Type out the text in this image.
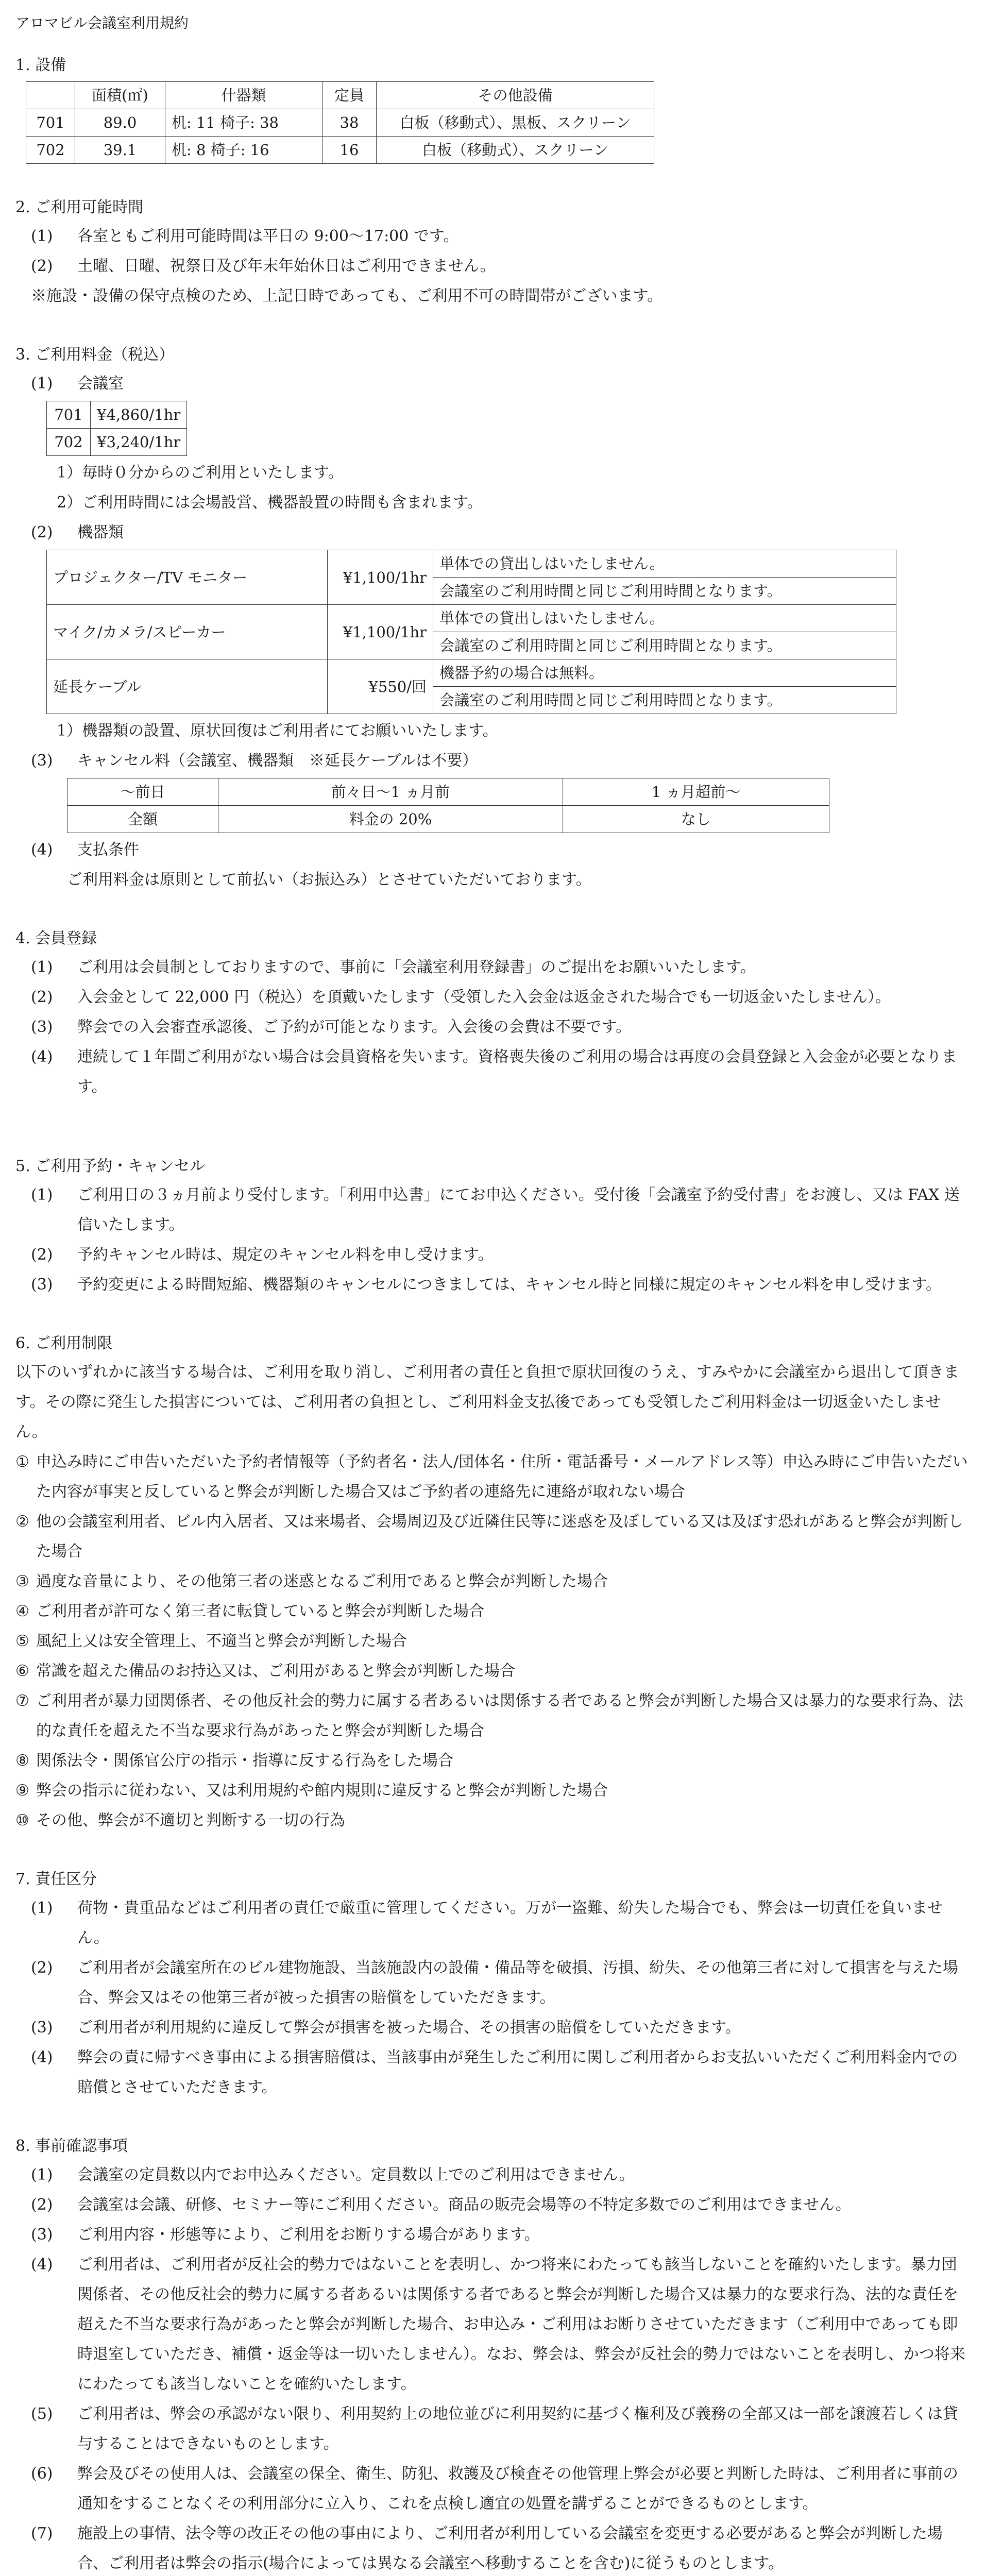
アロマビル会議室利用規約
1. 設備
	面積(㎡)	什器類	定員	その他設備
701	89.0	机: 11 椅子: 38	38	白板（移動式）、黒板、スクリーン
702	39.1	机: 8 椅子: 16	16	白板（移動式）、スクリーン
2. ご利用可能時間
(1)	各室ともご利用可能時間は平日の 9:00〜17:00 です。
(2)	土曜、日曜、祝祭日及び年末年始休日はご利用できません。
※施設・設備の保守点検のため、上記日時であっても、ご利用不可の時間帯がございます。
3. ご利用料金（税込）
(1)	会議室
701	¥4,860/1hr
702	¥3,240/1hr
1）毎時０分からのご利用といたします。
2）ご利用時間には会場設営、機器設置の時間も含まれます。
(2)	機器類
プロジェクター/TV モニター	¥1,100/1hr	単体での貸出しはいたしません。
会議室のご利用時間と同じご利用時間となります。

マイク/カメラ/スピーカー	¥1,100/1hr	単体での貸出しはいたしません。
会議室のご利用時間と同じご利用時間となります。

延長ケーブル	¥550/回	機器予約の場合は無料。
会議室のご利用時間と同じご利用時間となります。
1）機器類の設置、原状回復はご利用者にてお願いいたします。
(3)	キャンセル料（会議室、機器類　※延長ケーブルは不要）
〜前日	前々日〜1 ヵ月前	1 ヵ月超前〜
全額	料金の 20%	なし
(4)	支払条件
ご利用料金は原則として前払い（お振込み）とさせていただいております。
4. 会員登録
(1)	ご利用は会員制としておりますので、事前に「会議室利用登録書」のご提出をお願いいたします。
(2)	入会金として 22,000 円（税込）を頂戴いたします（受領した入会金は返金された場合でも一切返金いたしません）。
(3)	弊会での入会審査承認後、ご予約が可能となります。入会後の会費は不要です。
(4)	連続して１年間ご利用がない場合は会員資格を失います。資格喪失後のご利用の場合は再度の会員登録と入会金が必要となります。
5. ご利用予約・キャンセル
(1)	ご利用日の３ヵ月前より受付します。「利用申込書」にてお申込ください。受付後「会議室予約受付書」をお渡し、又は FAX 送信いたします。
(2)	予約キャンセル時は、規定のキャンセル料を申し受けます。
(3)	予約変更による時間短縮、機器類のキャンセルにつきましては、キャンセル時と同様に規定のキャンセル料を申し受けます。
6. ご利用制限
以下のいずれかに該当する場合は、ご利用を取り消し、ご利用者の責任と負担で原状回復のうえ、すみやかに会議室から退出して頂きます。その際に発生した損害については、ご利用者の負担とし、ご利用料金支払後であっても受領したご利用料金は一切返金いたしません。
① 申込み時にご申告いただいた予約者情報等（予約者名・法人/団体名・住所・電話番号・メールアドレス等）申込み時にご申告いただいた内容が事実と反していると弊会が判断した場合又はご予約者の連絡先に連絡が取れない場合
② 他の会議室利用者、ビル内入居者、又は来場者、会場周辺及び近隣住民等に迷惑を及ぼしている又は及ぼす恐れがあると弊会が判断した場合
③ 過度な音量により、その他第三者の迷惑となるご利用であると弊会が判断した場合
④ ご利用者が許可なく第三者に転貸していると弊会が判断した場合
⑤ 風紀上又は安全管理上、不適当と弊会が判断した場合
⑥ 常識を超えた備品のお持込又は、ご利用があると弊会が判断した場合
⑦ ご利用者が暴力団関係者、その他反社会的勢力に属する者あるいは関係する者であると弊会が判断した場合又は暴力的な要求行為、法的な責任を超えた不当な要求行為があったと弊会が判断した場合
⑧ 関係法令・関係官公庁の指示・指導に反する行為をした場合
⑨ 弊会の指示に従わない、又は利用規約や館内規則に違反すると弊会が判断した場合
⑩ その他、弊会が不適切と判断する一切の行為
7. 責任区分
(1)	荷物・貴重品などはご利用者の責任で厳重に管理してください。万が一盗難、紛失した場合でも、弊会は一切責任を負いません。
(2)	ご利用者が会議室所在のビル建物施設、当該施設内の設備・備品等を破損、汚損、紛失、その他第三者に対して損害を与えた場合、弊会又はその他第三者が被った損害の賠償をしていただきます。
(3)	ご利用者が利用規約に違反して弊会が損害を被った場合、その損害の賠償をしていただきます。
(4)	弊会の責に帰すべき事由による損害賠償は、当該事由が発生したご利用に関しご利用者からお支払いいただくご利用料金内での賠償とさせていただきます。
8. 事前確認事項
(1)	会議室の定員数以内でお申込みください。定員数以上でのご利用はできません。
(2)	会議室は会議、研修、セミナー等にご利用ください。商品の販売会場等の不特定多数でのご利用はできません。
(3)	ご利用内容・形態等により、ご利用をお断りする場合があります。
(4)	ご利用者は、ご利用者が反社会的勢力ではないことを表明し、かつ将来にわたっても該当しないことを確約いたします。暴力団関係者、その他反社会的勢力に属する者あるいは関係する者であると弊会が判断した場合又は暴力的な要求行為、法的な責任を超えた不当な要求行為があったと弊会が判断した場合、お申込み・ご利用はお断りさせていただきます（ご利用中であっても即時退室していただき、補償・返金等は一切いたしません）。なお、弊会は、弊会が反社会的勢力ではないことを表明し、かつ将来にわたっても該当しないことを確約いたします。
(5)	ご利用者は、弊会の承認がない限り、利用契約上の地位並びに利用契約に基づく権利及び義務の全部又は一部を譲渡若しくは貸与することはできないものとします。
(6)	弊会及びその使用人は、会議室の保全、衛生、防犯、救護及び検査その他管理上弊会が必要と判断した時は、ご利用者に事前の通知をすることなくその利用部分に立入り、これを点検し適宜の処置を講ずることができるものとします。
(7)	施設上の事情、法令等の改正その他の事由により、ご利用者が利用している会議室を変更する必要があると弊会が判断した場合、ご利用者は弊会の指示(場合によっては異なる会議室へ移動することを含む)に従うものとします。
